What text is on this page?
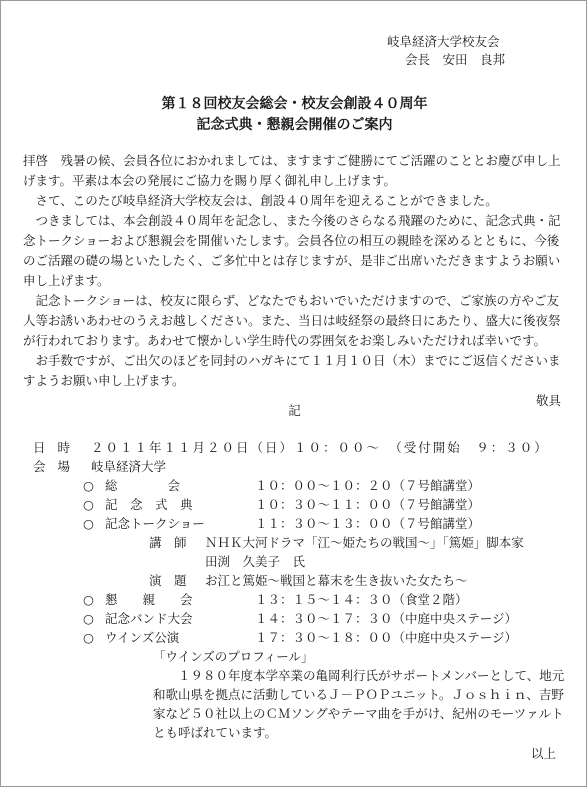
岐阜経済大学校友会
会長　安田　良邦
第１８回校友会総会・校友会創設４０周年
記念式典・懇親会開催のご案内

拝啓　残暑の候、会員各位におかれましては、ますますご健勝にてご活躍のこととお慶び申し上げます。平素は本会の発展にご協力を賜り厚く御礼申し上げます。

さて、このたび岐阜経済大学校友会は、創設４０周年を迎えることができました。

つきましては、本会創設４０周年を記念し、また今後のさらなる飛躍のために、記念式典・記念トークショーおよび懇親会を開催いたします。会員各位の相互の親睦を深めるとともに、今後のご活躍の礎の場といたしたく、ご多忙中とは存じますが、是非ご出席いただきますようお願い申し上げます。

記念トークショーは、校友に限らず、どなたでもおいでいただけますので、ご家族の方やご友人等お誘いあわせのうえお越しください。また、当日は岐経祭の最終日にあたり、盛大に後夜祭が行われております。あわせて懐かしい学生時代の雰囲気をお楽しみいただければ幸いです。

お手数ですが、ご出欠のほどを同封のハガキにて１１月１０日（木）までにご返信くださいますようお願い申し上げます。

敬具
記
日時 ２０１１年１１月２０日（日）１０：００～　（受付開始　９：３０）
会場 岐阜経済大学
○ 総　　　　会	１０：００～１０：２０（７号館講堂）
○ 記　念　式　典	１０：３０～１１：００（７号館講堂）
○ 記念トークショー	１１：３０～１３：００（７号館講堂）
講　師	ＮＨＫ大河ドラマ「江～姫たちの戦国～」「篤姫」脚本家
田渕　久美子　氏
演　題	お江と篤姫～戦国と幕末を生き抜いた女たち～
○ 懇　　親　　会	１３：１５～１４：３０（食堂２階）
○ 記念バンド大会	１４：３０～１７：３０（中庭中央ステージ）
○ ウインズ公演	１７：３０～１８：００（中庭中央ステージ）
「ウインズのプロフィール」
１９８０年度本学卒業の亀岡利行氏がサポートメンバーとして、地元和歌山県を拠点に活動しているＪ－ＰＯＰユニット。Ｊｏｓｈｉｎ、吉野家など５０社以上のＣＭソングやテーマ曲を手がけ、紀州のモーツァルトとも呼ばれています。
以上
